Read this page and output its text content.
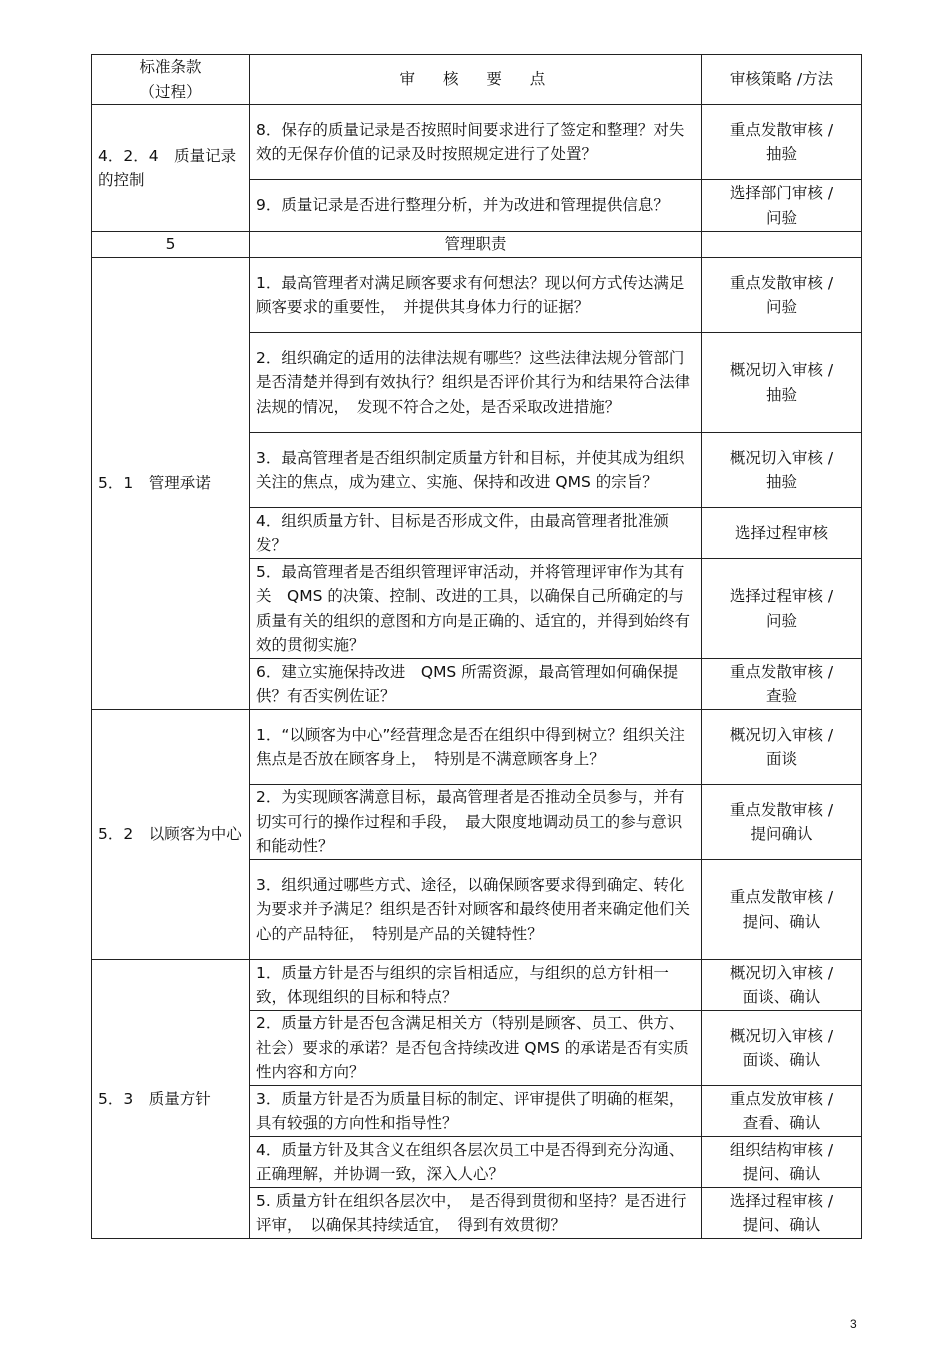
标准条款
（过程）	审　核　要　点	审核策略 /方法
4．2．4　质量记录的控制	8．保存的质量记录是否按照时间要求进行了签定和整理？对失效的无保存价值的记录及时按照规定进行了处置？	重点发散审核 /
抽验
	9．质量记录是否进行整理分析，并为改进和管理提供信息？	选择部门审核 /
问验
5	管理职责	
5．1　管理承诺	1．最高管理者对满足顾客要求有何想法？现以何方式传达满足顾客要求的重要性，　并提供其身体力行的证据？	重点发散审核 /
问验
	2．组织确定的适用的法律法规有哪些？这些法律法规分管部门是否清楚并得到有效执行？组织是否评价其行为和结果符合法律法规的情况，　发现不符合之处，是否采取改进措施？	概况切入审核 /
抽验
	3．最高管理者是否组织制定质量方针和目标，并使其成为组织关注的焦点，成为建立、实施、保持和改进 QMS 的宗旨？	概况切入审核 /
抽验
	4．组织质量方针、目标是否形成文件，由最高管理者批准颁发？	选择过程审核
	5．最高管理者是否组织管理评审活动，并将管理评审作为其有关　QMS 的决策、控制、改进的工具，以确保自己所确定的与质量有关的组织的意图和方向是正确的、适宜的，并得到始终有效的贯彻实施？	选择过程审核 /
问验
	6．建立实施保持改进　QMS 所需资源，最高管理如何确保提供？有否实例佐证？	重点发散审核 /
查验
5．2　以顾客为中心	1．“以顾客为中心”经营理念是否在组织中得到树立？组织关注焦点是否放在顾客身上，　特别是不满意顾客身上？	概况切入审核 /
面谈
	2．为实现顾客满意目标，最高管理者是否推动全员参与，并有切实可行的操作过程和手段，　最大限度地调动员工的参与意识和能动性？	重点发散审核 /
提问确认
	3．组织通过哪些方式、途径，以确保顾客要求得到确定、转化为要求并予满足？组织是否针对顾客和最终使用者来确定他们关心的产品特征，　特别是产品的关键特性？	重点发散审核 /
提问、确认
5．3　质量方针	1．质量方针是否与组织的宗旨相适应，与组织的总方针相一致，体现组织的目标和特点？	概况切入审核 /
面谈、确认
	2．质量方针是否包含满足相关方（特别是顾客、员工、供方、社会）要求的承诺？是否包含持续改进 QMS 的承诺是否有实质性内容和方向？	概况切入审核 /
面谈、确认
	3．质量方针是否为质量目标的制定、评审提供了明确的框架，具有较强的方向性和指导性？	重点发放审核 /
查看、确认
	4．质量方针及其含义在组织各层次员工中是否得到充分沟通、正确理解，并协调一致，深入人心？	组织结构审核 /
提问、确认
	5. 质量方针在组织各层次中，　是否得到贯彻和坚持？是否进行评审，　以确保其持续适宜，　得到有效贯彻？	选择过程审核 /
提问、确认
3
